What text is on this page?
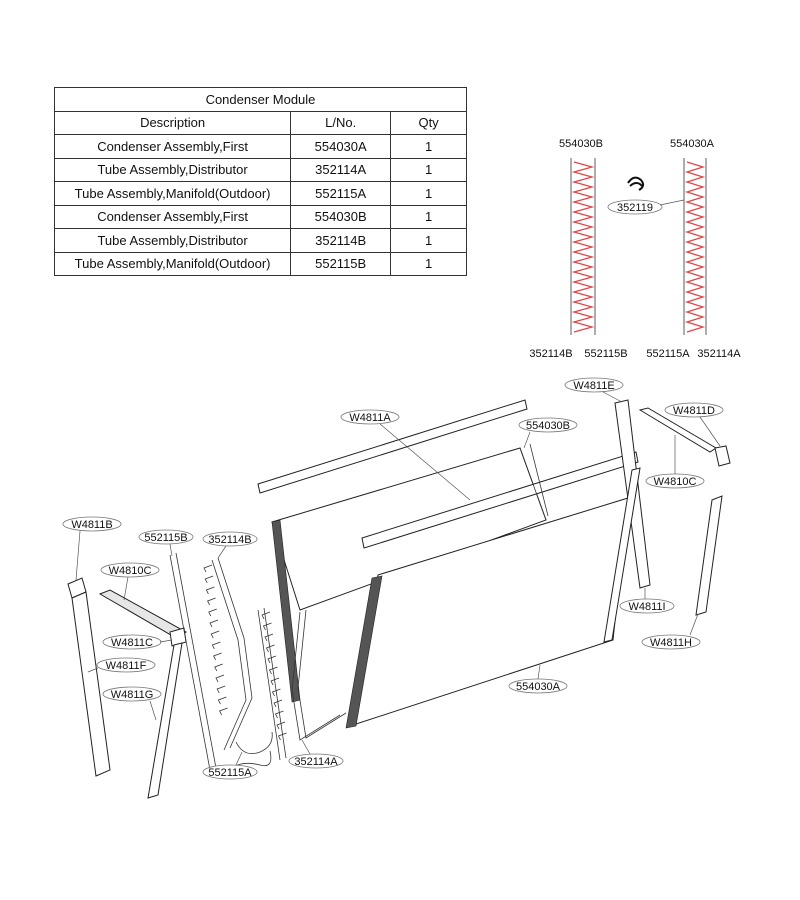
Condenser Module		
Description	L/No.	Qty
Condenser Assembly,First	554030A	1
Tube Assembly,Distributor	352114A	1
Tube Assembly,Manifold(Outdoor)	552115A	1
Condenser Assembly,First	554030B	1
Tube Assembly,Distributor	352114B	1
Tube Assembly,Manifold(Outdoor)	552115B	1
554030B	554030A
352119
352114B 552115B 552115A 352114A
W4811E
W4811A
W4811D
554030B
W4810C
W4811B
552115B 352114B
W4810C
W4811C
W4811F
W4811G
W4811I
W4811H
554030A
552115A
352114A
